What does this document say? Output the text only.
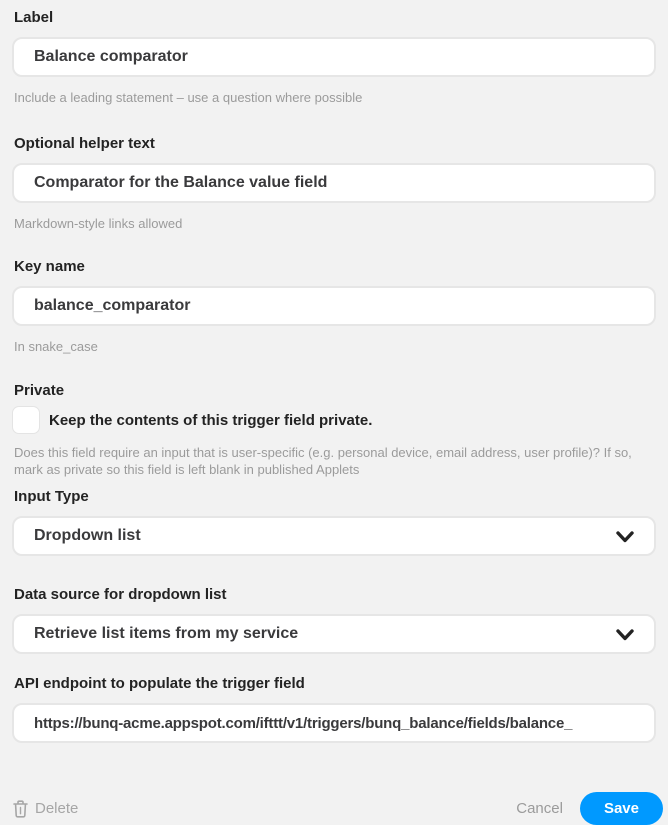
Label
Balance comparator
Include a leading statement – use a question where possible
Optional helper text
Comparator for the Balance value field
Markdown-style links allowed
Key name
balance_comparator
In snake_case
Private
Keep the contents of this trigger field private.
Does this field require an input that is user-specific (e.g. personal device, email address, user profile)? If so, mark as private so this field is left blank in published Applets
Input Type
Dropdown list
Data source for dropdown list
Retrieve list items from my service
API endpoint to populate the trigger field
https://bunq-acme.appspot.com/ifttt/v1/triggers/bunq_balance/fields/balance_
Delete	Cancel	Save
